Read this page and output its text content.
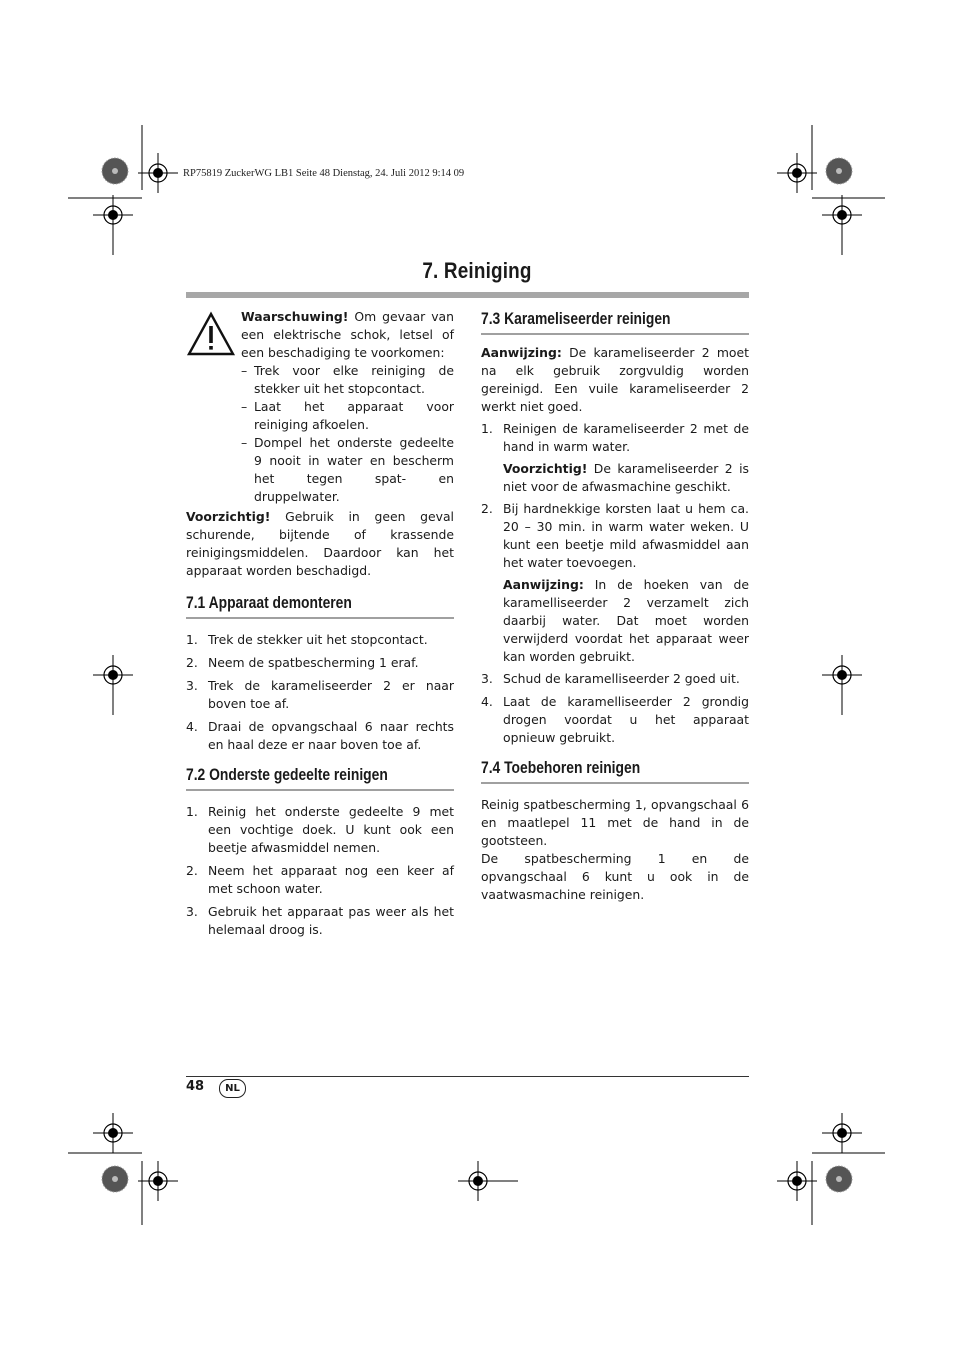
RP75819 ZuckerWG LB1 Seite 48 Dienstag, 24. Juli 2012 9:14 09
7. Reiniging

Waarschuwing! Om gevaar van een elektrische schok, letsel of een beschadiging te voorkomen:

– Trek voor elke reiniging de stekker uit het stopcontact.
– Laat het apparaat voor reiniging afkoelen.
– Dompel het onderste gedeelte 9 nooit in water en bescherm het tegen spat- en druppelwater.

Voorzichtig! Gebruik in geen geval schurende, bijtende of krassende reinigingsmiddelen. Daardoor kan het apparaat worden beschadigd.

7.1 Apparaat demonteren
1. Trek de stekker uit het stopcontact.
2. Neem de spatbescherming 1 eraf.
3. Trek de karameliseerder 2 er naar boven toe af.
4. Draai de opvangschaal 6 naar rechts en haal deze er naar boven toe af.
7.2 Onderste gedeelte reinigen
1. Reinig het onderste gedeelte 9 met een vochtige doek. U kunt ook een beetje afwasmiddel nemen.
2. Neem het apparaat nog een keer af met schoon water.
3. Gebruik het apparaat pas weer als het helemaal droog is.
7.3 Karameliseerder reinigen

Aanwijzing: De karameliseerder 2 moet na elk gebruik zorgvuldig worden gereinigd. Een vuile karameliseerder 2 werkt niet goed.

1. Reinigen de karameliseerder 2 met de hand in warm water.
Voorzichtig! De karameliseerder 2 is niet voor de afwasmachine geschikt.
2. Bij hardnekkige korsten laat u hem ca. 20 – 30 min. in warm water weken. U kunt een beetje mild afwasmiddel aan het water toevoegen.
Aanwijzing: In de hoeken van de karamelliseerder 2 verzamelt zich daarbij water. Dat moet worden verwijderd voordat het apparaat weer kan worden gebruikt.
3. Schud de karamelliseerder 2 goed uit.
4. Laat de karamelliseerder 2 grondig drogen voordat u het apparaat opnieuw gebruikt.
7.4 Toebehoren reinigen

Reinig spatbescherming 1, opvangschaal 6 en maatlepel 11 met de hand in de gootsteen.

De spatbescherming 1 en de opvangschaal 6 kunt u ook in de vaatwasmachine reinigen.

48	NL
